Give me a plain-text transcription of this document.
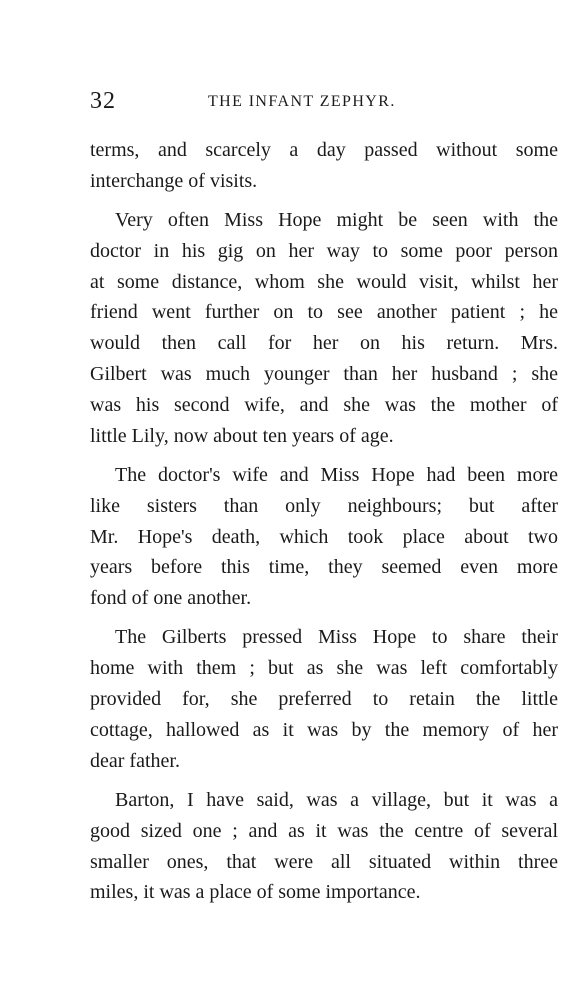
32	THE INFANT ZEPHYR.
terms, and scarcely a day passed without some
interchange of visits.
Very often Miss Hope might be seen with the
doctor in his gig on her way to some poor person
at some distance, whom she would visit, whilst her
friend went further on to see another patient ; he
would then call for her on his return. Mrs.
Gilbert was much younger than her husband ; she
was his second wife, and she was the mother of
little Lily, now about ten years of age.
The doctor's wife and Miss Hope had been more
like sisters than only neighbours; but after
Mr. Hope's death, which took place about two
years before this time, they seemed even more
fond of one another.
The Gilberts pressed Miss Hope to share their
home with them ; but as she was left comfortably
provided for, she preferred to retain the little
cottage, hallowed as it was by the memory of her
dear father.
Barton, I have said, was a village, but it was a
good sized one ; and as it was the centre of several
smaller ones, that were all situated within three
miles, it was a place of some importance.
